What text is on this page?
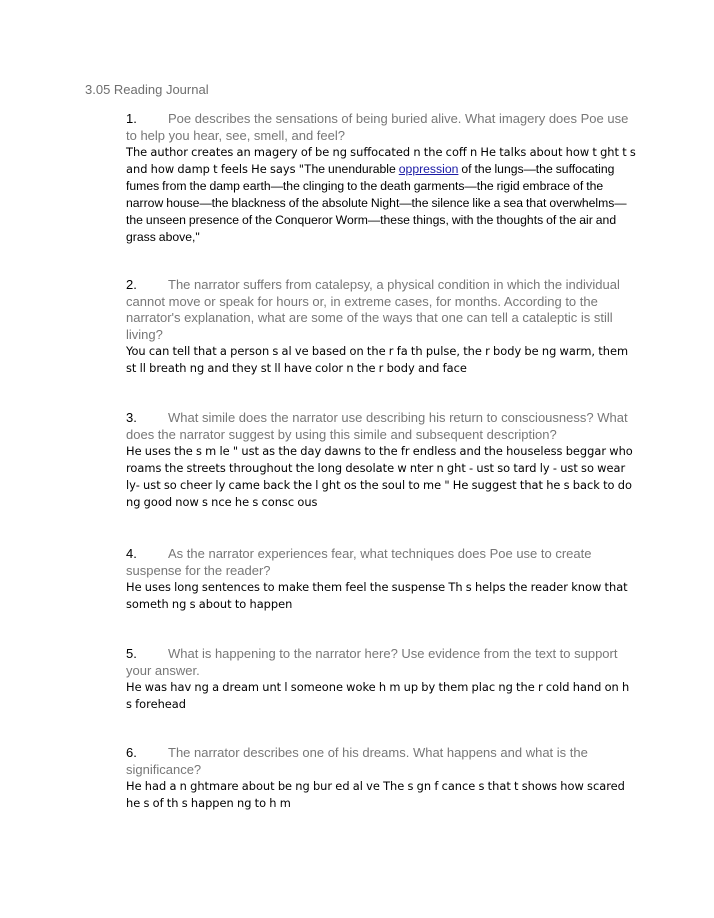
3.05 Reading Journal

1. Poe describes the sensations of being buried alive. What imagery does Poe use to help you hear, see, smell, and feel?

The author creates an magery of be ng suffocated n the coff n He talks about how t ght t s and how damp t feels He says "The unendurable oppression of the lungs—the suffocating fumes from the damp earth—the clinging to the death garments—the rigid embrace of the narrow house—the blackness of the absolute Night—the silence like a sea that overwhelms—the unseen presence of the Conqueror Worm—these things, with the thoughts of the air and grass above,"

2. The narrator suffers from catalepsy, a physical condition in which the individual cannot move or speak for hours or, in extreme cases, for months. According to the narrator's explanation, what are some of the ways that one can tell a cataleptic is still living?

You can tell that a person s al ve based on the r fa th pulse, the r body be ng warm, them st ll breath ng and they st ll have color n the r body and face

3. What simile does the narrator use describing his return to consciousness? What does the narrator suggest by using this simile and subsequent description?

He uses the s m le " ust as the day dawns to the fr endless and the houseless beggar who roams the streets throughout the long desolate w nter n ght - ust so tard ly - ust so wear ly- ust so cheer ly came back the l ght os the soul to me " He suggest that he s back to do ng good now s nce he s consc ous

4. As the narrator experiences fear, what techniques does Poe use to create suspense for the reader?

He uses long sentences to make them feel the suspense Th s helps the reader know that someth ng s about to happen

5. What is happening to the narrator here? Use evidence from the text to support your answer.

He was hav ng a dream unt l someone woke h m up by them plac ng the r cold hand on h s forehead

6. The narrator describes one of his dreams. What happens and what is the significance?

He had a n ghtmare about be ng bur ed al ve The s gn f cance s that t shows how scared he s of th s happen ng to h m
